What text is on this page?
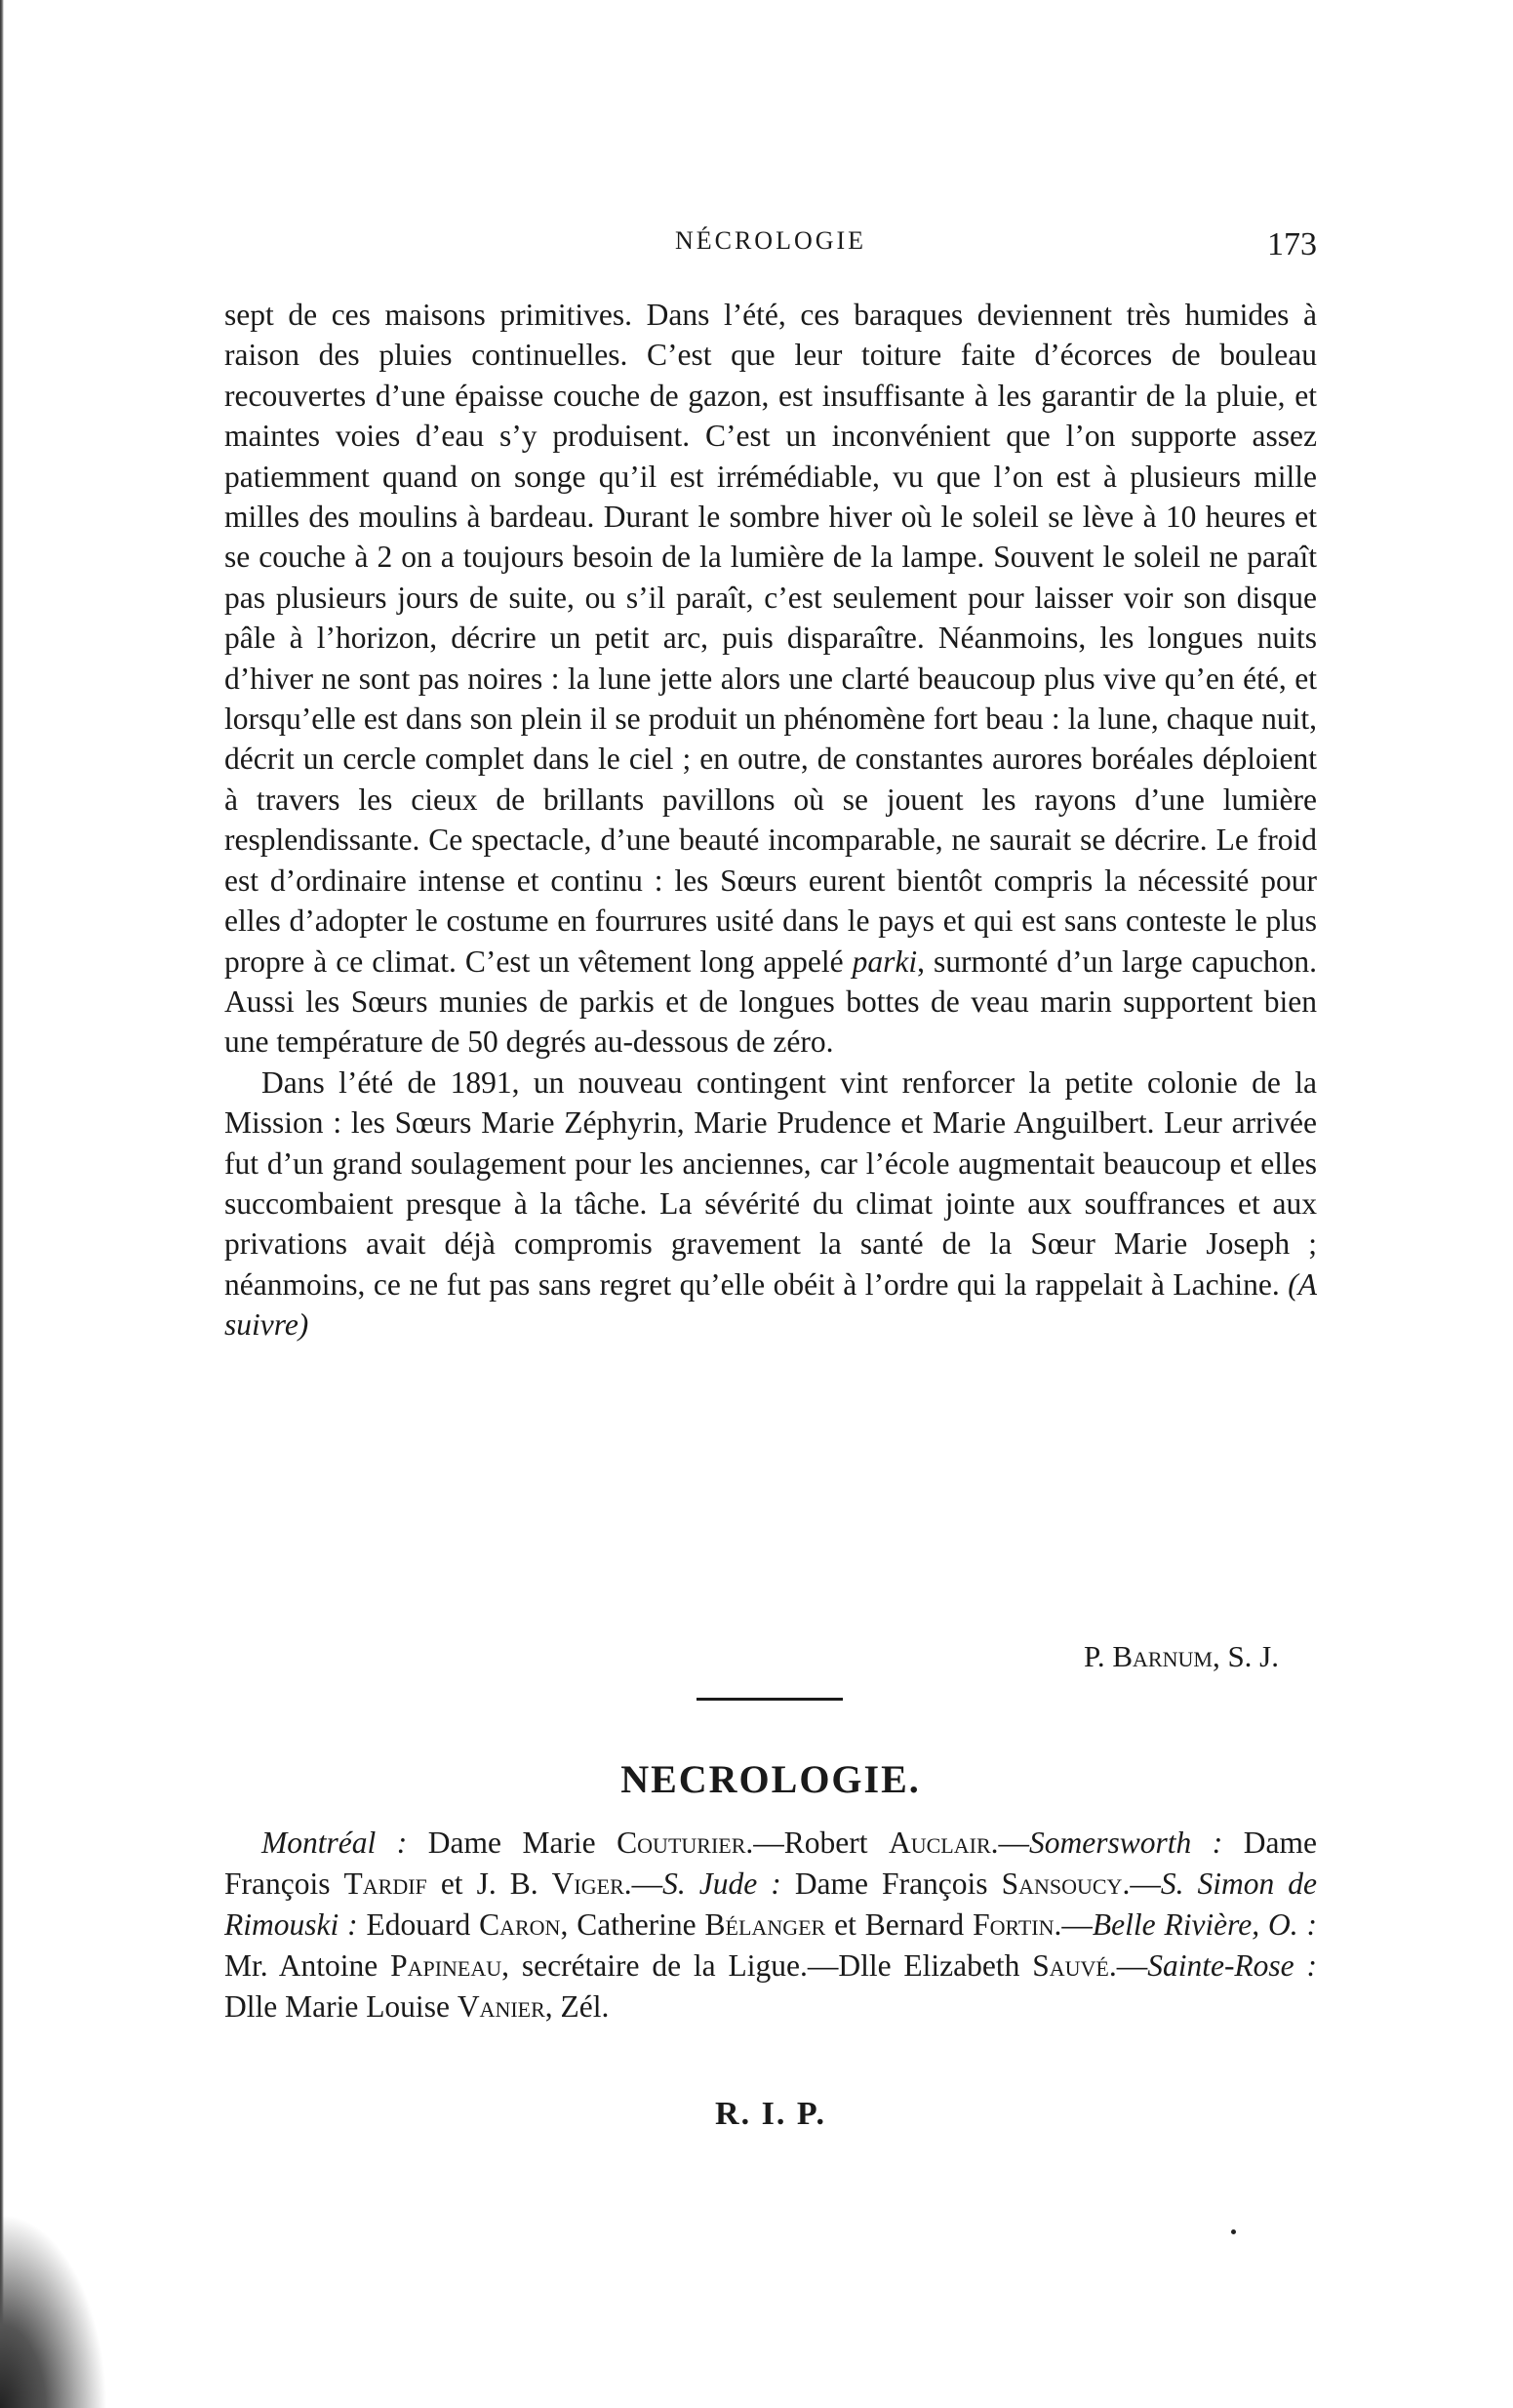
NÉCROLOGIE	173

sept de ces maisons primitives. Dans l’été, ces baraques deviennent très humides à raison des pluies continuelles. C’est que leur toiture faite d’écorces de bouleau recouvertes d’une épaisse couche de gazon, est insuffisante à les garantir de la pluie, et maintes voies d’eau s’y produisent. C’est un inconvénient que l’on supporte assez patiemment quand on songe qu’il est irrémédiable, vu que l’on est à plusieurs mille milles des moulins à bardeau. Durant le sombre hiver où le soleil se lève à 10 heures et se couche à 2 on a toujours besoin de la lumière de la lampe. Souvent le soleil ne paraît pas plusieurs jours de suite, ou s’il paraît, c’est seulement pour laisser voir son disque pâle à l’horizon, décrire un petit arc, puis disparaître. Néanmoins, les longues nuits d’hiver ne sont pas noires : la lune jette alors une clarté beaucoup plus vive qu’en été, et lorsqu’elle est dans son plein il se produit un phénomène fort beau : la lune, chaque nuit, décrit un cercle complet dans le ciel ; en outre, de constantes aurores boréales déploient à travers les cieux de brillants pavillons où se jouent les rayons d’une lumière resplendissante. Ce spectacle, d’une beauté incomparable, ne saurait se décrire. Le froid est d’ordinaire intense et continu : les Sœurs eurent bientôt compris la nécessité pour elles d’adopter le costume en fourrures usité dans le pays et qui est sans conteste le plus propre à ce climat. C’est un vêtement long appelé parki, surmonté d’un large capuchon. Aussi les Sœurs munies de parkis et de longues bottes de veau marin supportent bien une température de 50 degrés au-dessous de zéro.

Dans l’été de 1891, un nouveau contingent vint renforcer la petite colonie de la Mission : les Sœurs Marie Zéphyrin, Marie Prudence et Marie Anguilbert. Leur arrivée fut d’un grand soulagement pour les anciennes, car l’école augmentait beaucoup et elles succombaient presque à la tâche. La sévérité du climat jointe aux souffrances et aux privations avait déjà compromis gravement la santé de la Sœur Marie Joseph ; néanmoins, ce ne fut pas sans regret qu’elle obéit à l’ordre qui la rappelait à Lachine. (A suivre)

P. Barnum, S. J.
NECROLOGIE.

Montréal : Dame Marie Couturier.—Robert Auclair.—Somersworth : Dame François Tardif et J. B. Viger.—S. Jude : Dame François Sansoucy.—S. Simon de Rimouski : Edouard Caron, Catherine Bélanger et Bernard Fortin.—Belle Rivière, O. : Mr. Antoine Papineau, secrétaire de la Ligue.—Dlle Elizabeth Sauvé.—Sainte-Rose : Dlle Marie Louise Vanier, Zél.

R. I. P.
